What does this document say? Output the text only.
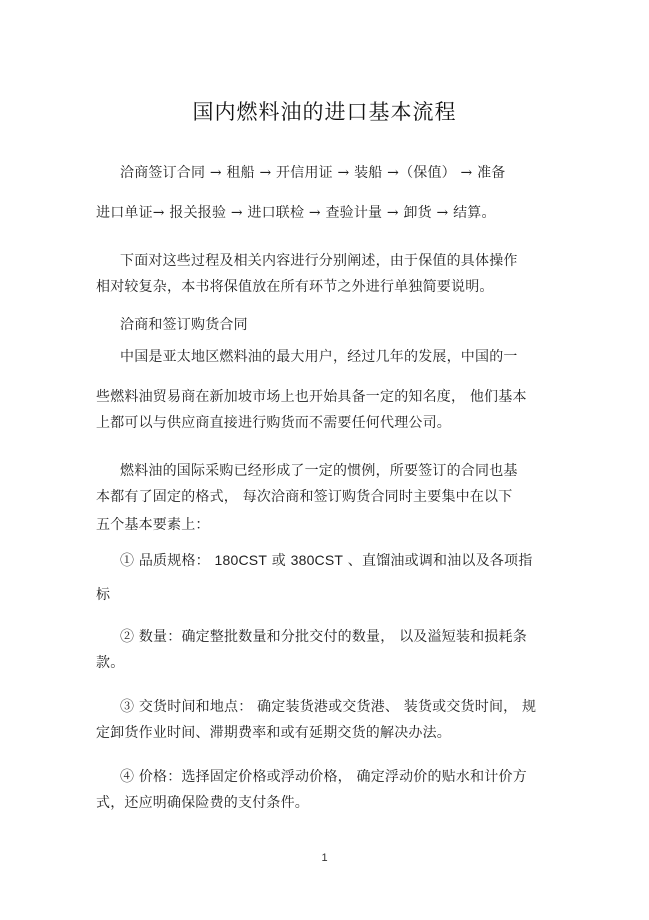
国内燃料油的进口基本流程
洽商签订合同 → 租船 → 开信用证 → 装船 →（保值） → 准备
进口单证→ 报关报验 → 进口联检 → 查验计量 → 卸货 → 结算。
下面对这些过程及相关内容进行分别阐述，由于保值的具体操作
相对较复杂，本书将保值放在所有环节之外进行单独简要说明。
洽商和签订购货合同
中国是亚太地区燃料油的最大用户，经过几年的发展，中国的一
些燃料油贸易商在新加坡市场上也开始具备一定的知名度， 他们基本
上都可以与供应商直接进行购货而不需要任何代理公司。
燃料油的国际采购已经形成了一定的惯例，所要签订的合同也基
本都有了固定的格式， 每次洽商和签订购货合同时主要集中在以下
五个基本要素上：
① 品质规格： 180CST 或 380CST 、直馏油或调和油以及各项指
标
② 数量：确定整批数量和分批交付的数量， 以及溢短装和损耗条
款。
③ 交货时间和地点： 确定装货港或交货港、 装货或交货时间， 规
定卸货作业时间、滞期费率和或有延期交货的解决办法。
④ 价格：选择固定价格或浮动价格， 确定浮动价的贴水和计价方
式，还应明确保险费的支付条件。
1
